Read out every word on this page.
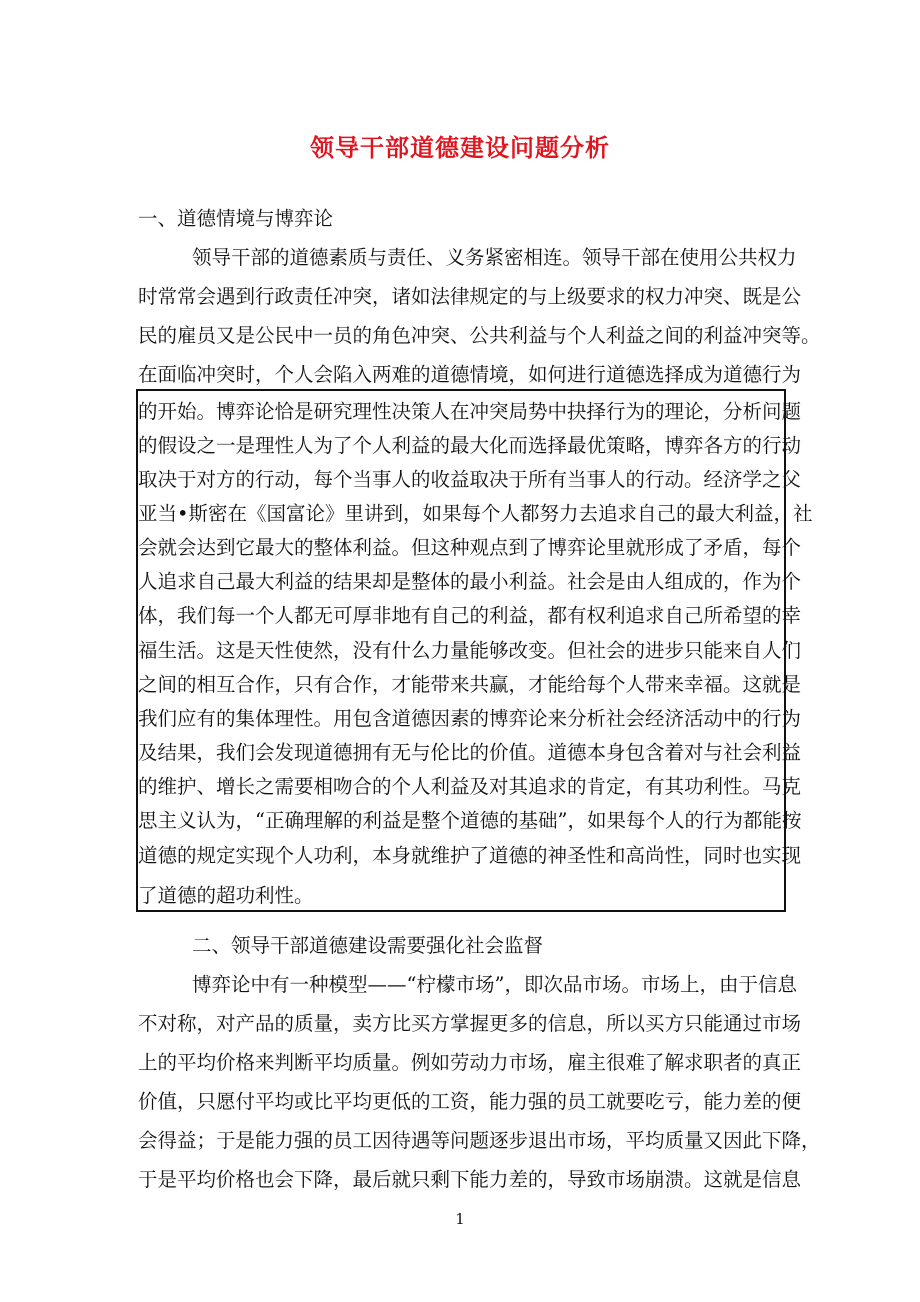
领导干部道德建设问题分析
一、道德情境与博弈论
领导干部的道德素质与责任、义务紧密相连。领导干部在使用公共权力
时常常会遇到行政责任冲突，诸如法律规定的与上级要求的权力冲突、既是公
民的雇员又是公民中一员的角色冲突、公共利益与个人利益之间的利益冲突等。
在面临冲突时，个人会陷入两难的道德情境，如何进行道德选择成为道德行为
的开始。博弈论恰是研究理性决策人在冲突局势中抉择行为的理论，分析问题
的假设之一是理性人为了个人利益的最大化而选择最优策略，博弈各方的行动
取决于对方的行动，每个当事人的收益取决于所有当事人的行动。经济学之父
亚当•斯密在《国富论》里讲到，如果每个人都努力去追求自己的最大利益，社
会就会达到它最大的整体利益。但这种观点到了博弈论里就形成了矛盾，每个
人追求自己最大利益的结果却是整体的最小利益。社会是由人组成的，作为个
体，我们每一个人都无可厚非地有自己的利益，都有权利追求自己所希望的幸
福生活。这是天性使然，没有什么力量能够改变。但社会的进步只能来自人们
之间的相互合作，只有合作，才能带来共赢，才能给每个人带来幸福。这就是
我们应有的集体理性。用包含道德因素的博弈论来分析社会经济活动中的行为
及结果，我们会发现道德拥有无与伦比的价值。道德本身包含着对与社会利益
的维护、增长之需要相吻合的个人利益及对其追求的肯定，有其功利性。马克
思主义认为，“正确理解的利益是整个道德的基础”，如果每个人的行为都能按
道德的规定实现个人功利，本身就维护了道德的神圣性和高尚性，同时也实现
了道德的超功利性。
二、领导干部道德建设需要强化社会监督
博弈论中有一种模型——“柠檬市场”，即次品市场。市场上，由于信息
不对称，对产品的质量，卖方比买方掌握更多的信息，所以买方只能通过市场
上的平均价格来判断平均质量。例如劳动力市场，雇主很难了解求职者的真正
价值，只愿付平均或比平均更低的工资，能力强的员工就要吃亏，能力差的便
会得益；于是能力强的员工因待遇等问题逐步退出市场，平均质量又因此下降，
于是平均价格也会下降，最后就只剩下能力差的，导致市场崩溃。这就是信息
1
